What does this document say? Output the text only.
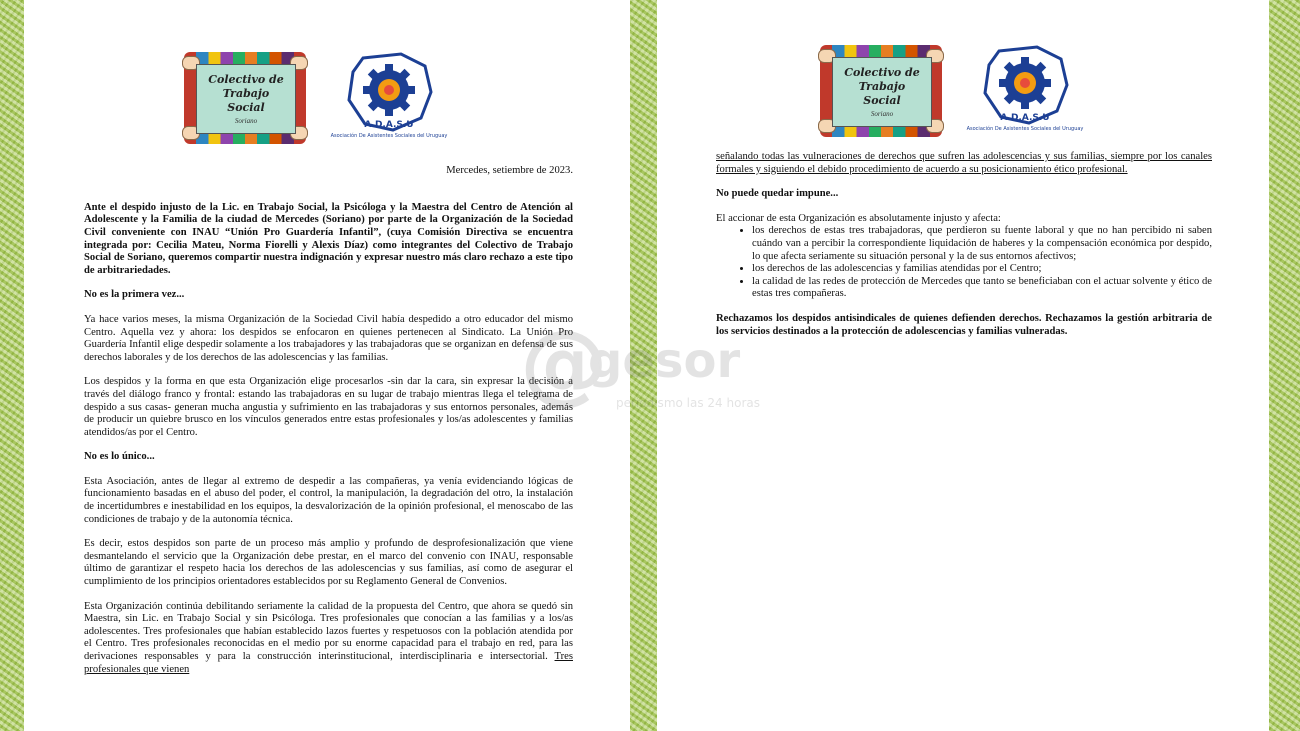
Colectivo de Trabajo Social
Soriano	A.D.A.S.U
Asociación De Asistentes Sociales del Uruguay

Mercedes, setiembre de 2023.

Ante el despido injusto de la Lic. en Trabajo Social, la Psicóloga y la Maestra del Centro de Atención al Adolescente y la Familia de la ciudad de Mercedes (Soriano) por parte de la Organización de la Sociedad Civil conveniente con INAU “Unión Pro Guardería Infantil”, (cuya Comisión Directiva se encuentra integrada por: Cecilia Mateu, Norma Fiorelli y Alexis Díaz) como integrantes del Colectivo de Trabajo Social de Soriano, queremos compartir nuestra indignación y expresar nuestro más claro rechazo a este tipo de arbitrariedades.

No es la primera vez...

Ya hace varios meses, la misma Organización de la Sociedad Civil había despedido a otro educador del mismo Centro. Aquella vez y ahora: los despidos se enfocaron en quienes pertenecen al Sindicato. La Unión Pro Guardería Infantil elige despedir solamente a los trabajadores y las trabajadoras que se organizan en defensa de sus derechos laborales y de los derechos de las adolescencias y las familias.

Los despidos y la forma en que esta Organización elige procesarlos -sin dar la cara, sin expresar la decisión a través del diálogo franco y frontal: estando las trabajadoras en su lugar de trabajo mientras llega el telegrama de despido a sus casas- generan mucha angustia y sufrimiento en las trabajadoras y sus entornos personales, además de producir un quiebre brusco en los vínculos generados entre estas profesionales y los/as adolescentes y familias atendidos/as por el Centro.

No es lo único...

Esta Asociación, antes de llegar al extremo de despedir a las compañeras, ya venía evidenciando lógicas de funcionamiento basadas en el abuso del poder, el control, la manipulación, la degradación del otro, la instalación de incertidumbres e inestabilidad en los equipos, la desvalorización de la opinión profesional, el menoscabo de las condiciones de trabajo y de la autonomía técnica.

Es decir, estos despidos son parte de un proceso más amplio y profundo de desprofesionalización que viene desmantelando el servicio que la Organización debe prestar, en el marco del convenio con INAU, responsable último de garantizar el respeto hacia los derechos de las adolescencias y sus familias, así como de asegurar el cumplimiento de los principios orientadores establecidos por su Reglamento General de Convenios.

Esta Organización continúa debilitando seriamente la calidad de la propuesta del Centro, que ahora se quedó sin Maestra, sin Lic. en Trabajo Social y sin Psicóloga. Tres profesionales que conocían a las familias y a los/as adolescentes. Tres profesionales que habían establecido lazos fuertes y respetuosos con la población atendida por el Centro. Tres profesionales reconocidas en el medio por su enorme capacidad para el trabajo en red, para las derivaciones responsables y para la construcción interinstitucional, interdisciplinaria e intersectorial. Tres profesionales que vienen

Colectivo de Trabajo Social
Soriano	A.D.A.S.U
Asociación De Asistentes Sociales del Uruguay

señalando todas las vulneraciones de derechos que sufren las adolescencias y sus familias, siempre por los canales formales y siguiendo el debido procedimiento de acuerdo a su posicionamiento ético profesional.

No puede quedar impune...

El accionar de esta Organización es absolutamente injusto y afecta:

• los derechos de estas tres trabajadoras, que perdieron su fuente laboral y que no han percibido ni saben cuándo van a percibir la correspondiente liquidación de haberes y la compensación económica por despido, lo que afecta seriamente su situación personal y la de sus entornos afectivos;
• los derechos de las adolescencias y familias atendidas por el Centro;
• la calidad de las redes de protección de Mercedes que tanto se beneficiaban con el actuar solvente y ético de estas tres compañeras.

Rechazamos los despidos antisindicales de quienes defienden derechos. Rechazamos la gestión arbitraria de los servicios destinados a la protección de adolescencias y familias vulneradas.

periodismo
